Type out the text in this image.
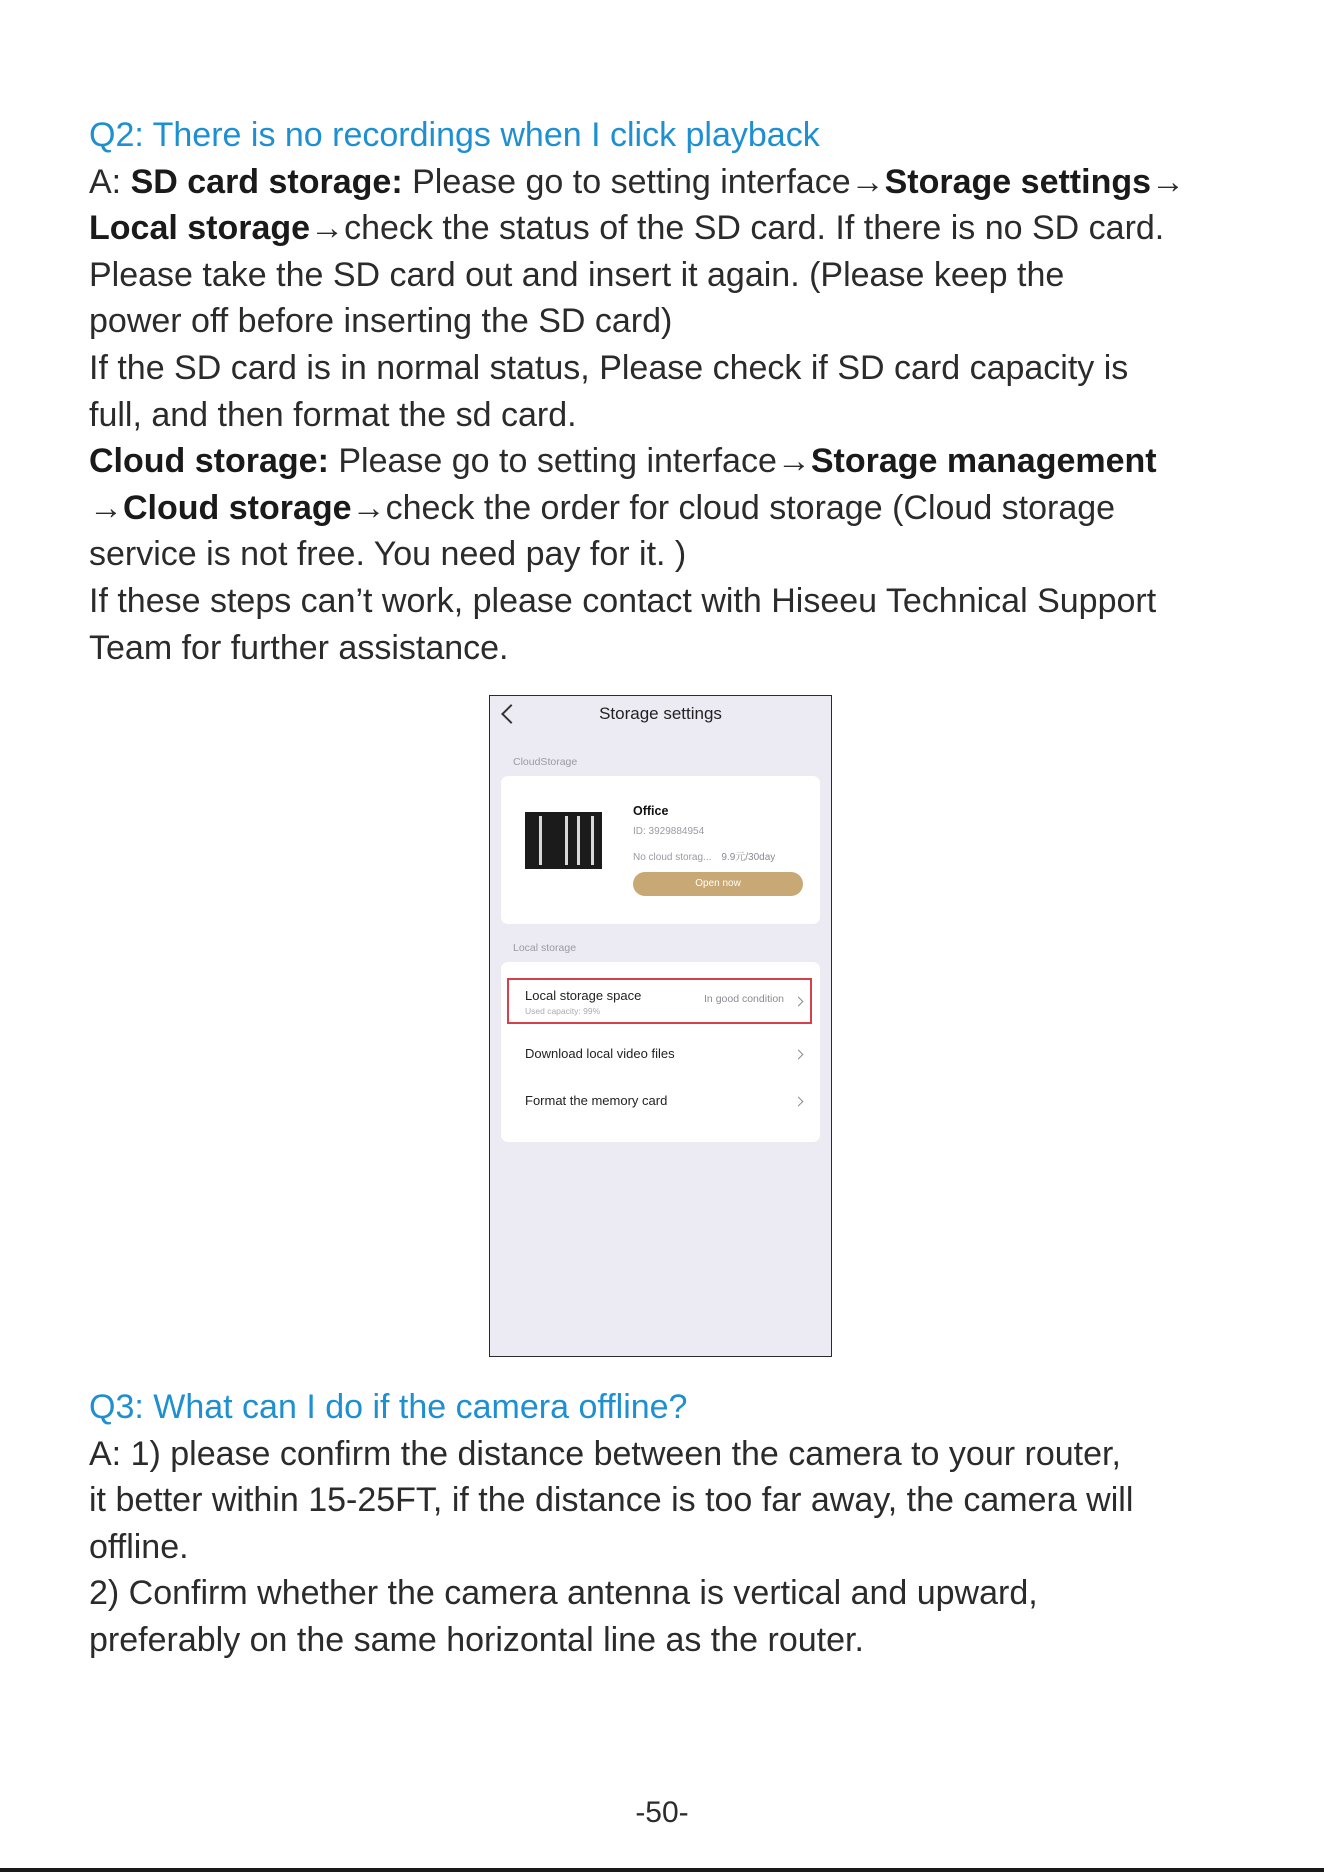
Q2: There is no recordings when I click playback
A: SD card storage: Please go to setting interface→Storage settings→
Local storage→check the status of the SD card. If there is no SD card.
Please take the SD card out and insert it again. (Please keep the
power off before inserting the SD card)
If the SD card is in normal status, Please check if SD card capacity is
full, and then format the sd card.
Cloud storage: Please go to setting interface→Storage management
→Cloud storage→check the order for cloud storage (Cloud storage
service is not free. You need pay for it. )
If these steps can’t work, please contact with Hiseeu Technical Support
Team for further assistance.
Storage settings
CloudStorage
Office
ID: 3929884954
No cloud storag... 9.9元/30day
Open now
Local storage
Local storage space
Used capacity: 99%
In good condition
Download local video files
Format the memory card
Q3: What can I do if the camera offline?
A: 1) please confirm the distance between the camera to your router,
it better within 15-25FT, if the distance is too far away, the camera will
offline.
2) Confirm whether the camera antenna is vertical and upward,
preferably on the same horizontal line as the router.
-50-
